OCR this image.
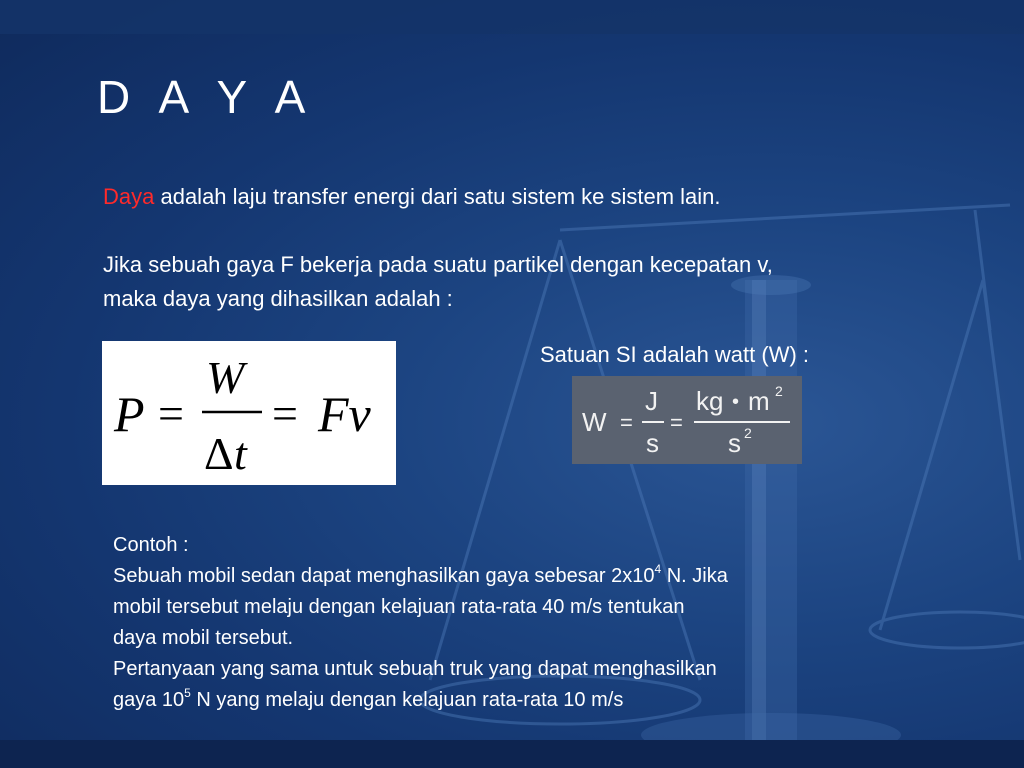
D A Y A
Daya adalah laju transfer energi dari satu sistem ke sistem lain.
Jika sebuah gaya F bekerja pada suatu partikel dengan kecepatan v,
maka daya yang dihasilkan adalah :
P =
W
Δ t
= Fv
Satuan SI adalah watt (W) :
W =
J
s
=
kg • m 2
s 2
Contoh :
Sebuah mobil sedan dapat menghasilkan gaya sebesar $2x10^4$ N. Jika
mobil tersebut melaju dengan kelajuan rata-rata 40 m/s tentukan
daya mobil tersebut.
Pertanyaan yang sama untuk sebuah truk yang dapat menghasilkan
gaya $10^5$ N yang melaju dengan kelajuan rata-rata 10 m/s
